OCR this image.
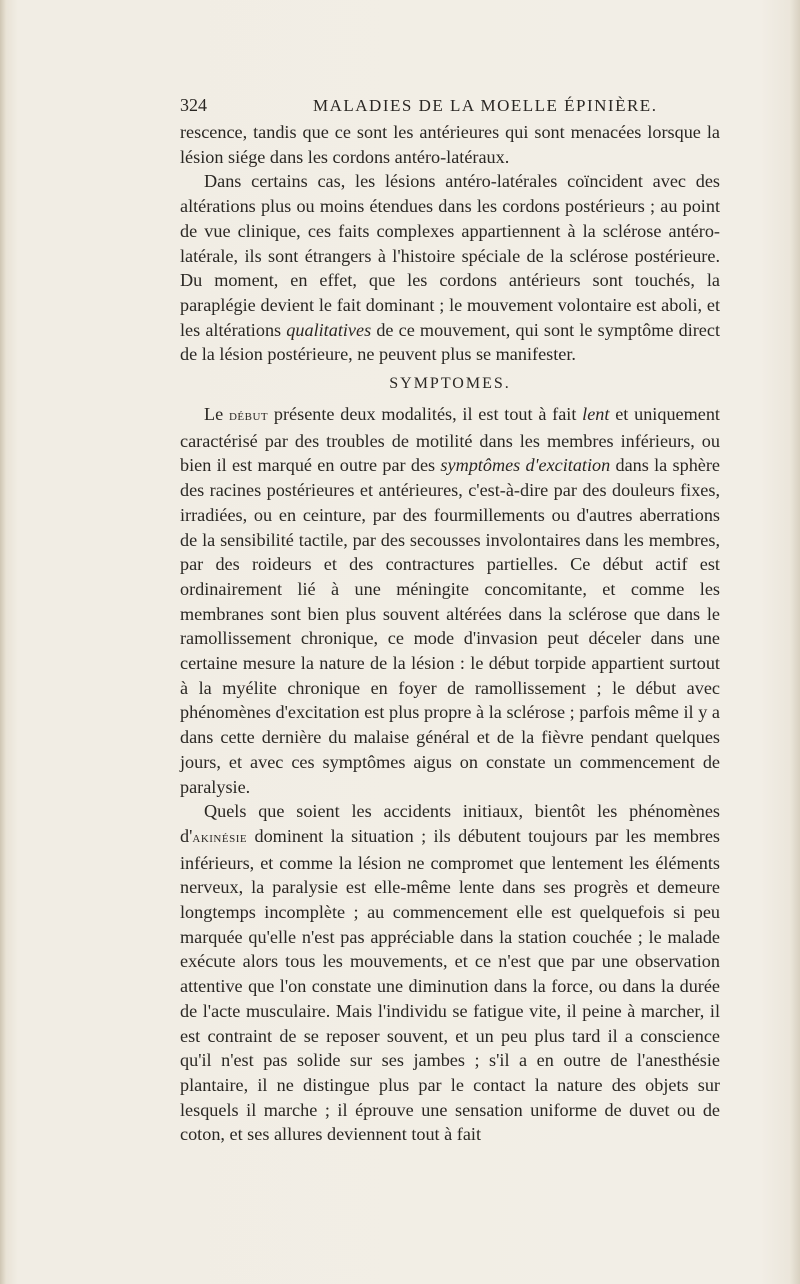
324	MALADIES DE LA MOELLE ÉPINIÈRE.

rescence, tandis que ce sont les antérieures qui sont menacées lorsque la lésion siége dans les cordons antéro-latéraux.

Dans certains cas, les lésions antéro-latérales coïncident avec des altérations plus ou moins étendues dans les cordons postérieurs ; au point de vue clinique, ces faits complexes appartiennent à la sclérose antéro-latérale, ils sont étrangers à l'histoire spéciale de la sclérose postérieure. Du moment, en effet, que les cordons antérieurs sont touchés, la paraplégie devient le fait dominant ; le mouvement volontaire est aboli, et les altérations qualitatives de ce mouvement, qui sont le symptôme direct de la lésion postérieure, ne peuvent plus se manifester.

SYMPTOMES.

Le début présente deux modalités, il est tout à fait lent et uniquement caractérisé par des troubles de motilité dans les membres inférieurs, ou bien il est marqué en outre par des symptômes d'excitation dans la sphère des racines postérieures et antérieures, c'est-à-dire par des douleurs fixes, irradiées, ou en ceinture, par des fourmillements ou d'autres aberrations de la sensibilité tactile, par des secousses involontaires dans les membres, par des roideurs et des contractures partielles. Ce début actif est ordinairement lié à une méningite concomitante, et comme les membranes sont bien plus souvent altérées dans la sclérose que dans le ramollissement chronique, ce mode d'invasion peut déceler dans une certaine mesure la nature de la lésion : le début torpide appartient surtout à la myélite chronique en foyer de ramollissement ; le début avec phénomènes d'excitation est plus propre à la sclérose ; parfois même il y a dans cette dernière du malaise général et de la fièvre pendant quelques jours, et avec ces symptômes aigus on constate un commencement de paralysie.

Quels que soient les accidents initiaux, bientôt les phénomènes d'akinésie dominent la situation ; ils débutent toujours par les membres inférieurs, et comme la lésion ne compromet que lentement les éléments nerveux, la paralysie est elle-même lente dans ses progrès et demeure longtemps incomplète ; au commencement elle est quelquefois si peu marquée qu'elle n'est pas appréciable dans la station couchée ; le malade exécute alors tous les mouvements, et ce n'est que par une observation attentive que l'on constate une diminution dans la force, ou dans la durée de l'acte musculaire. Mais l'individu se fatigue vite, il peine à marcher, il est contraint de se reposer souvent, et un peu plus tard il a conscience qu'il n'est pas solide sur ses jambes ; s'il a en outre de l'anesthésie plantaire, il ne distingue plus par le contact la nature des objets sur lesquels il marche ; il éprouve une sensation uniforme de duvet ou de coton, et ses allures deviennent tout à fait
